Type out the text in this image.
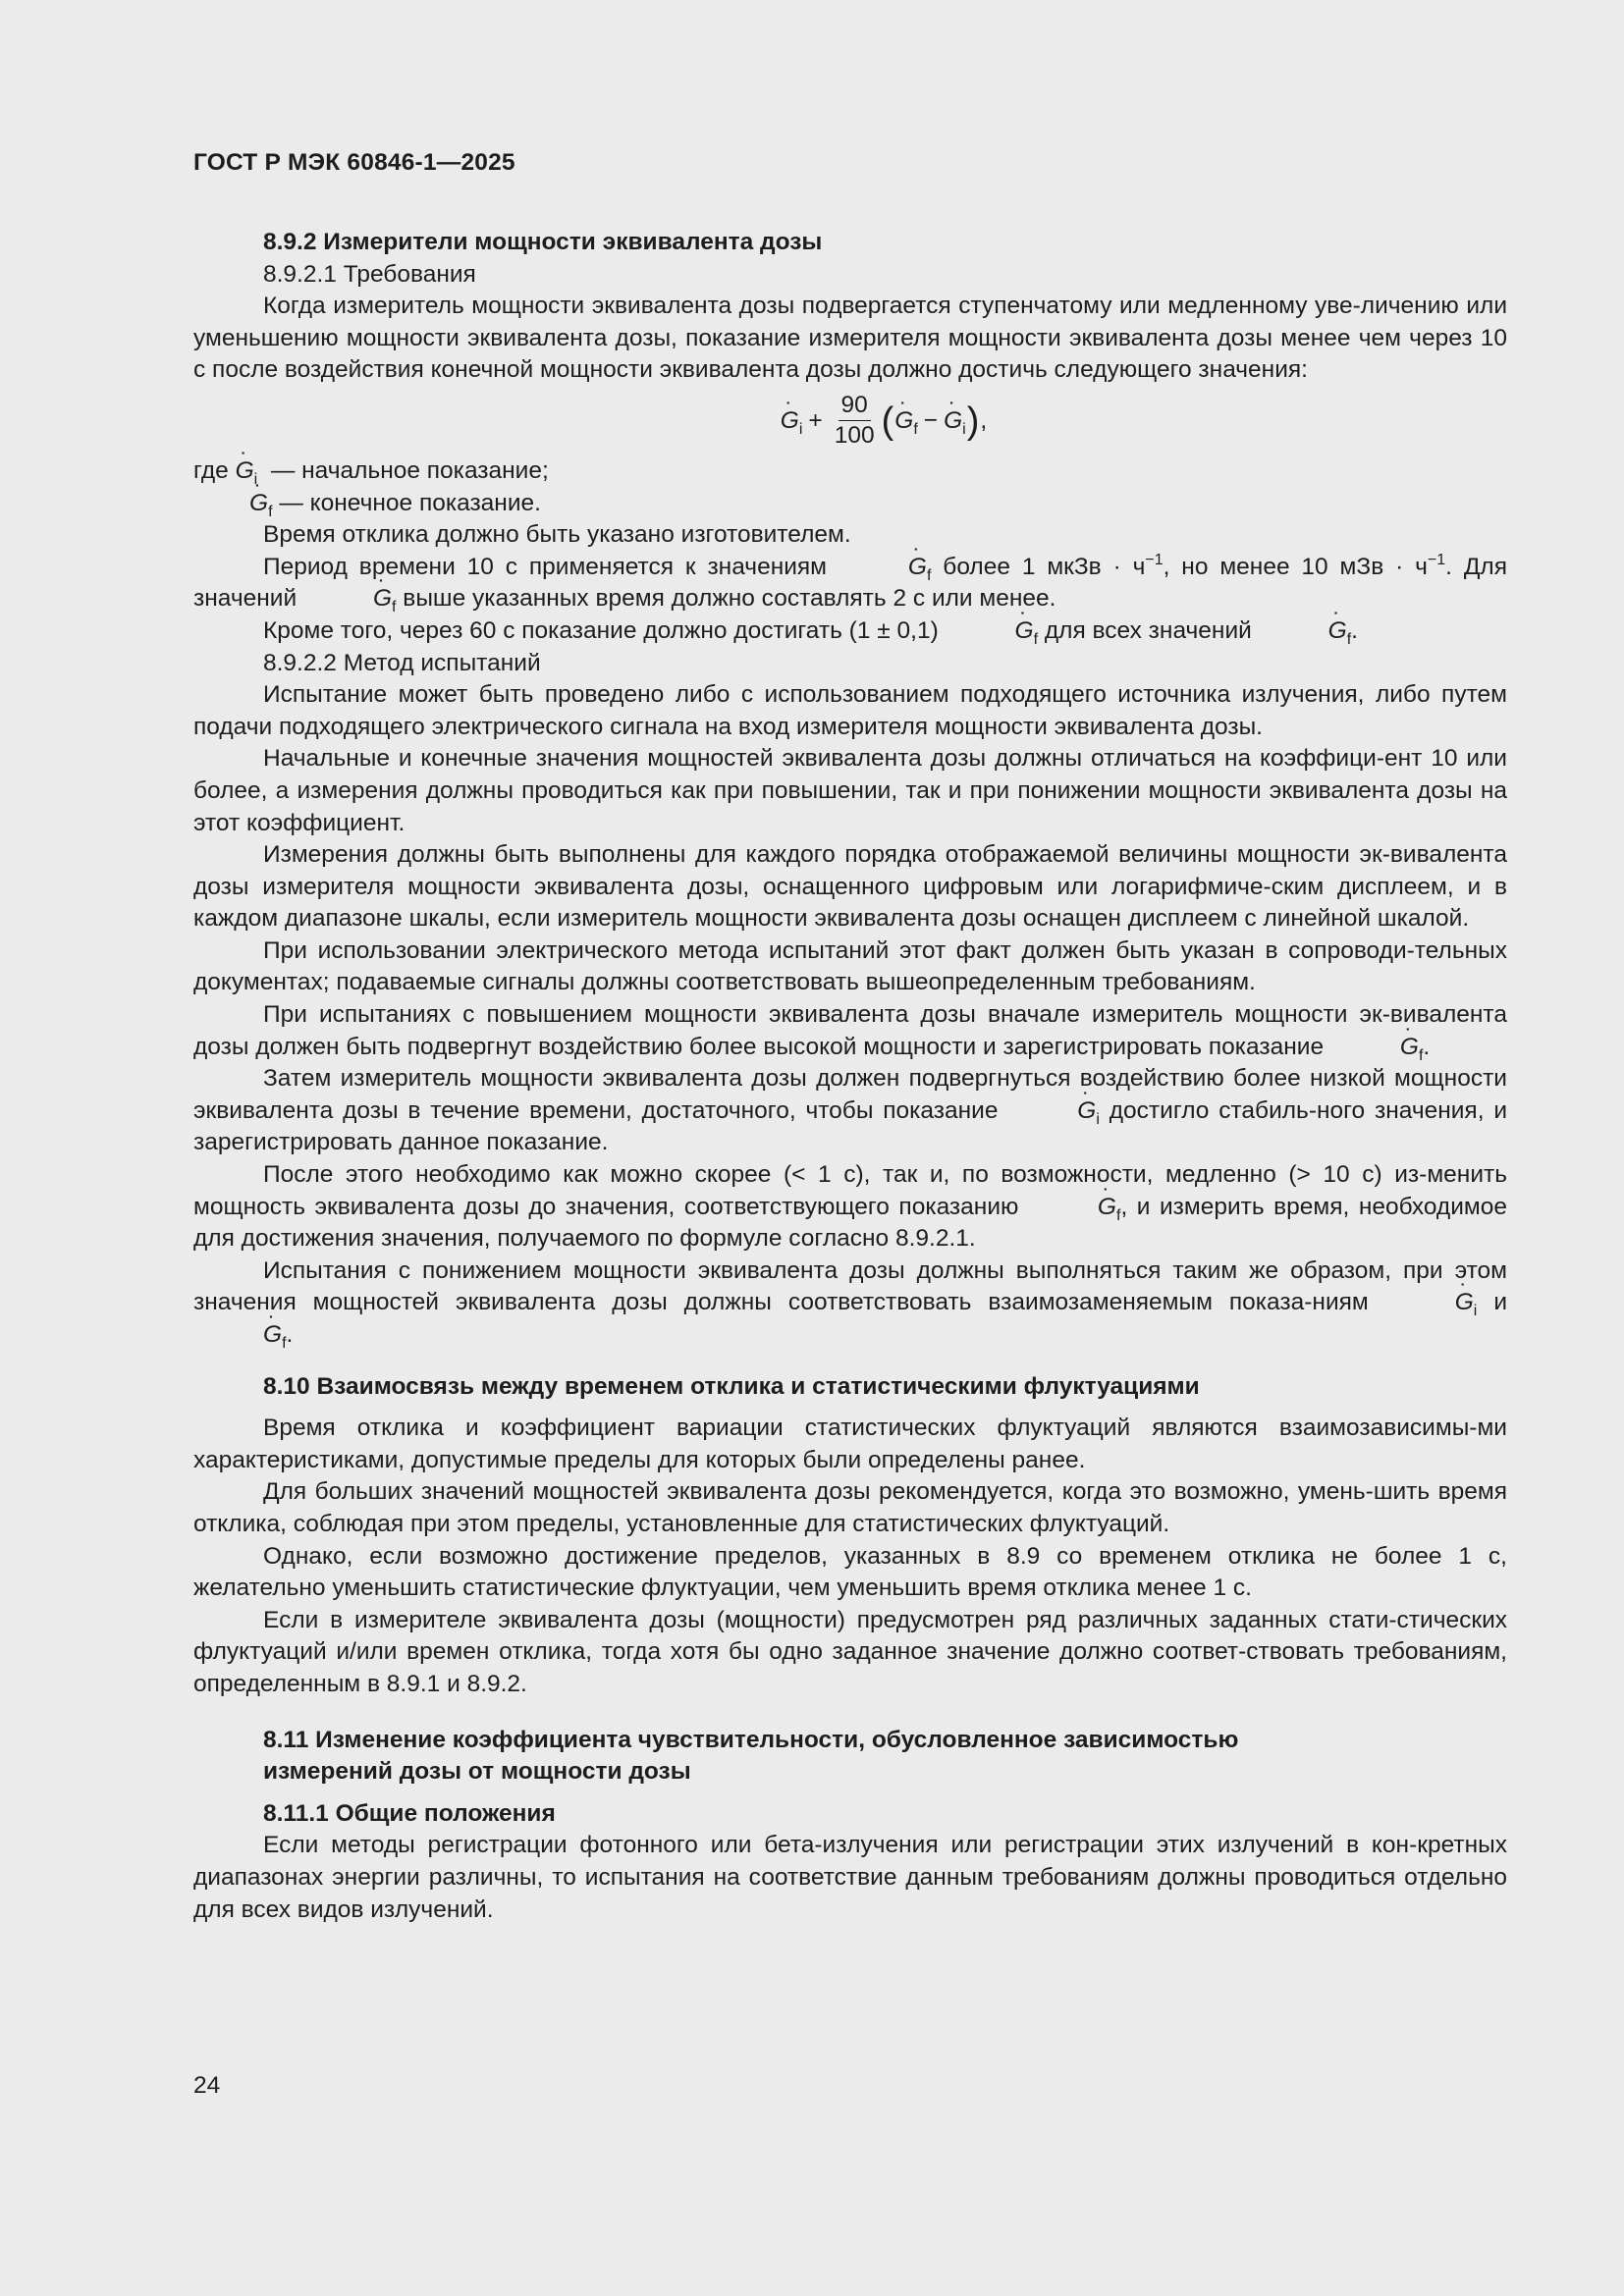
ГОСТ Р МЭК 60846-1—2025

8.9.2 Измерители мощности эквивалента дозы

8.9.2.1 Требования

Когда измеритель мощности эквивалента дозы подвергается ступенчатому или медленному уве-личению или уменьшению мощности эквивалента дозы, показание измерителя мощности эквивалента дозы менее чем через 10 с после воздействия конечной мощности эквивалента дозы должно достичь следующего значения:

˙ $G_i + \frac{90}{100}$ ( ˙ $G_f$ − ˙ $G_i$ ) ,

где ˙ $G_i$ — начальное показание;

˙ $G_f$ — конечное показание.

Время отклика должно быть указано изготовителем.

Период времени 10 с применяется к значениям	˙ $G_f$ более 1 мкЗв · $ч^{-1}$, но менее 10 мЗв · $ч^{-1}$. Для значений	˙ $G_f$ выше указанных время должно составлять 2 с или менее.

Кроме того, через 60 с показание должно достигать (1 ± 0,1)	˙ $G_f$ для всех значений	˙ $G_f$.

8.9.2.2 Метод испытаний

Испытание может быть проведено либо с использованием подходящего источника излучения, либо путем подачи подходящего электрического сигнала на вход измерителя мощности эквивалента дозы.

Начальные и конечные значения мощностей эквивалента дозы должны отличаться на коэффици-ент 10 или более, а измерения должны проводиться как при повышении, так и при понижении мощности эквивалента дозы на этот коэффициент.

Измерения должны быть выполнены для каждого порядка отображаемой величины мощности эк-вивалента дозы измерителя мощности эквивалента дозы, оснащенного цифровым или логарифмиче-ским дисплеем, и в каждом диапазоне шкалы, если измеритель мощности эквивалента дозы оснащен дисплеем с линейной шкалой.

При использовании электрического метода испытаний этот факт должен быть указан в сопроводи-тельных документах; подаваемые сигналы должны соответствовать вышеопределенным требованиям.

При испытаниях с повышением мощности эквивалента дозы вначале измеритель мощности эк-вивалента дозы должен быть подвергнут воздействию более высокой мощности и зарегистрировать показание	˙ $G_f$.

Затем измеритель мощности эквивалента дозы должен подвергнуться воздействию более низкой мощности эквивалента дозы в течение времени, достаточного, чтобы показание	˙ $G_i$ достигло стабиль-ного значения, и зарегистрировать данное показание.

После этого необходимо как можно скорее (< 1 с), так и, по возможности, медленно (> 10 с) из-менить мощность эквивалента дозы до значения, соответствующего показанию	˙ $G_f$, и измерить время, необходимое для достижения значения, получаемого по формуле согласно 8.9.2.1.

Испытания с понижением мощности эквивалента дозы должны выполняться таким же образом, при этом значения мощностей эквивалента дозы должны соответствовать взаимозаменяемым показа-ниям	˙ $G_i$ и ˙ $G_f$.

8.10 Взаимосвязь между временем отклика и статистическими флуктуациями

Время отклика и коэффициент вариации статистических флуктуаций являются взаимозависимы-ми характеристиками, допустимые пределы для которых были определены ранее.

Для больших значений мощностей эквивалента дозы рекомендуется, когда это возможно, умень-шить время отклика, соблюдая при этом пределы, установленные для статистических флуктуаций.

Однако, если возможно достижение пределов, указанных в 8.9 со временем отклика не более 1 с, желательно уменьшить статистические флуктуации, чем уменьшить время отклика менее 1 с.

Если в измерителе эквивалента дозы (мощности) предусмотрен ряд различных заданных стати-стических флуктуаций и/или времен отклика, тогда хотя бы одно заданное значение должно соответ-ствовать требованиям, определенным в 8.9.1 и 8.9.2.

8.11 Изменение коэффициента чувствительности, обусловленное зависимостью

измерений дозы от мощности дозы

8.11.1 Общие положения

Если методы регистрации фотонного или бета-излучения или регистрации этих излучений в кон-кретных диапазонах энергии различны, то испытания на соответствие данным требованиям должны проводиться отдельно для всех видов излучений.

24
